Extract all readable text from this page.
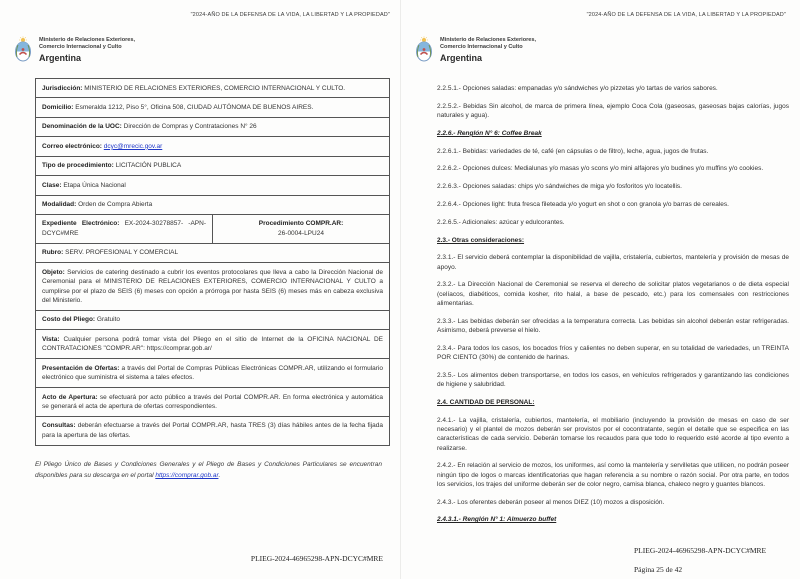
"2024-AÑO DE LA DEFENSA DE LA VIDA, LA LIBERTAD Y LA PROPIEDAD"
Ministerio de Relaciones Exteriores,
Comercio Internacional y Culto
Argentina
Jurisdicción: MINISTERIO DE RELACIONES EXTERIORES, COMERCIO INTERNACIONAL Y CULTO.
Domicilio: Esmeralda 1212, Piso 5°, Oficina 508, CIUDAD AUTÓNOMA DE BUENOS AIRES.
Denominación de la UOC: Dirección de Compras y Contrataciones N° 26
Correo electrónico: dcyc@mrecic.gov.ar
Tipo de procedimiento: LICITACIÓN PUBLICA
Clase: Etapa Única Nacional
Modalidad: Orden de Compra Abierta
Expediente Electrónico: EX-2024-30278857- -APN-DCYC#MRE	Procedimiento COMPR.AR:
26-0004-LPU24

Rubro: SERV. PROFESIONAL Y COMERCIAL
Objeto: Servicios de catering destinado a cubrir los eventos protocolares que lleva a cabo la Dirección Nacional de Ceremonial para el MINISTERIO DE RELACIONES EXTERIORES, COMERCIO INTERNACIONAL Y CULTO a cumplirse por el plazo de SEIS (6) meses con opción a prórroga por hasta SEIS (6) meses más en cabeza exclusiva del Ministerio.
Costo del Pliego: Gratuito
Vista: Cualquier persona podrá tomar vista del Pliego en el sitio de Internet de la OFICINA NACIONAL DE CONTRATACIONES "COMPR.AR": https://comprar.gob.ar/
Presentación de Ofertas: a través del Portal de Compras Públicas Electrónicas COMPR.AR, utilizando el formulario electrónico que suministra el sistema a tales efectos.
Acto de Apertura: se efectuará por acto público a través del Portal COMPR.AR. En forma electrónica y automática se generará el acta de apertura de ofertas correspondientes.
Consultas: deberán efectuarse a través del Portal COMPR.AR, hasta TRES (3) días hábiles antes de la fecha fijada para la apertura de las ofertas.

El Pliego Único de Bases y Condiciones Generales y el Pliego de Bases y Condiciones Particulares se encuentran disponibles para su descarga en el portal https://comprar.gob.ar.

PLIEG-2024-46965298-APN-DCYC#MRE
"2024-AÑO DE LA DEFENSA DE LA VIDA, LA LIBERTAD Y LA PROPIEDAD"
Ministerio de Relaciones Exteriores,
Comercio Internacional y Culto
Argentina

2.2.5.1.- Opciones saladas: empanadas y/o sándwiches y/o pizzetas y/o tartas de varios sabores.

2.2.5.2.- Bebidas Sin alcohol, de marca de primera línea, ejemplo Coca Cola (gaseosas, gaseosas bajas calorías, jugos naturales y agua).

2.2.6.- Renglón N° 6: Coffee Break

2.2.6.1.- Bebidas: variedades de té, café (en cápsulas o de filtro), leche, agua, jugos de frutas.

2.2.6.2.- Opciones dulces: Medialunas y/o masas y/o scons y/o mini alfajores y/o budines y/o muffins y/o cookies.

2.2.6.3.- Opciones saladas: chips y/o sándwiches de miga y/o fosforitos y/o locatellis.

2.2.6.4.- Opciones light: fruta fresca fileteada y/o yogurt en shot o con granola y/o barras de cereales.

2.2.6.5.- Adicionales: azúcar y edulcorantes.

2.3.- Otras consideraciones:

2.3.1.- El servicio deberá contemplar la disponibilidad de vajilla, cristalería, cubiertos, mantelería y provisión de mesas de apoyo.

2.3.2.- La Dirección Nacional de Ceremonial se reserva el derecho de solicitar platos vegetarianos o de dieta especial (celíacos, diabéticos, comida kosher, rito halal, a base de pescado, etc.) para los comensales con restricciones alimentarias.

2.3.3.- Las bebidas deberán ser ofrecidas a la temperatura correcta. Las bebidas sin alcohol deberán estar refrigeradas. Asimismo, deberá preverse el hielo.

2.3.4.- Para todos los casos, los bocados fríos y calientes no deben superar, en su totalidad de variedades, un TREINTA POR CIENTO (30%) de contenido de harinas.

2.3.5.- Los alimentos deben transportarse, en todos los casos, en vehículos refrigerados y garantizando las condiciones de higiene y salubridad.

2.4. CANTIDAD DE PERSONAL:

2.4.1.- La vajilla, cristalería, cubiertos, mantelería, el mobiliario (incluyendo la provisión de mesas en caso de ser necesario) y el plantel de mozos deberán ser provistos por el cocontratante, según el detalle que se especifica en las características de cada servicio. Deberán tomarse los recaudos para que todo lo requerido esté acorde al tipo evento a realizarse.

2.4.2.- En relación al servicio de mozos, los uniformes, así como la mantelería y servilletas que utilicen, no podrán poseer ningún tipo de logos o marcas identificatorias que hagan referencia a su nombre o razón social. Por otra parte, en todos los servicios, los trajes del uniforme deberán ser de color negro, camisa blanca, chaleco negro y guantes blancos.

2.4.3.- Los oferentes deberán poseer al menos DIEZ (10) mozos a disposición.

2.4.3.1.- Renglón N° 1: Almuerzo buffet

PLIEG-2024-46965298-APN-DCYC#MRE
Página 25 de 42
